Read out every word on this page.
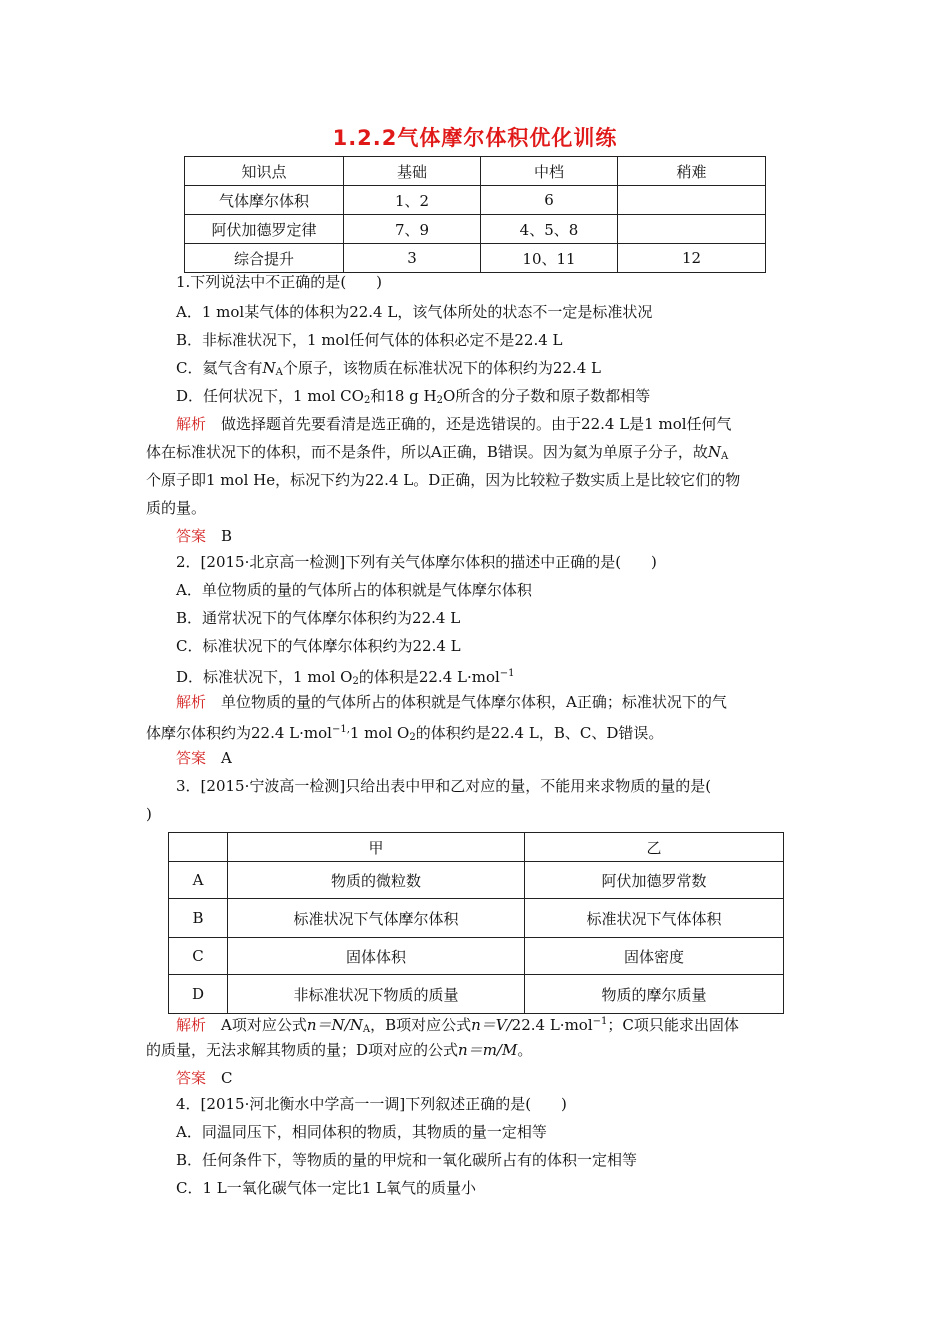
1.2.2气体摩尔体积优化训练
知识点	基础	中档	稍难
气体摩尔体积	1、2	6	
阿伏加德罗定律	7、9	4、5、8	
综合提升	3	10、11	12
1.下列说法中不正确的是(　　)
A．1 mol某气体的体积为22.4 L，该气体所处的状态不一定是标准状况
B．非标准状况下，1 mol任何气体的体积必定不是22.4 L
C．氦气含有$N_A$个原子，该物质在标准状况下的体积约为22.4 L
D．任何状况下，1 mol $CO_2$和18 g $H_2O$所含的分子数和原子数都相等
解析　 做选择题首先要看清是选正确的，还是选错误的。由于22.4 L是1 mol任何气
体在标准状况下的体积，而不是条件，所以A正确，B错误。因为氦为单原子分子，故$N_A$
个原子即1 mol He，标况下约为22.4 L。D正确，因为比较粒子数实质上是比较它们的物
质的量。
答案　 B
2．[2015·北京高一检测]下列有关气体摩尔体积的描述中正确的是(　　)
A．单位物质的量的气体所占的体积就是气体摩尔体积
B．通常状况下的气体摩尔体积约为22.4 L
C．标准状况下的气体摩尔体积约为22.4 L
D．标准状况下，1 mol $O_2$的体积是22.4 L·mol$^{-1}$
解析　 单位物质的量的气体所占的体积就是气体摩尔体积，A正确；标准状况下的气
体摩尔体积约为22.4 L·mol$^{-1,}$1 mol $O_2$的体积约是22.4 L，B、C、D错误。
答案　 A
3．[2015·宁波高一检测]只给出表中甲和乙对应的量，不能用来求物质的量的是(
)
	甲	乙
A	物质的微粒数	阿伏加德罗常数
B	标准状况下气体摩尔体积	标准状况下气体体积
C	固体体积	固体密度
D	非标准状况下物质的质量	物质的摩尔质量
解析　 A项对应公式$n=N/N_A$，B项对应公式n＝V/22.4 L·mol$^{-1}$；C项只能求出固体
的质量，无法求解其物质的量；D项对应的公式n＝m/M。
答案　 C
4．[2015·河北衡水中学高一一调]下列叙述正确的是(　　)
A．同温同压下，相同体积的物质，其物质的量一定相等
B．任何条件下，等物质的量的甲烷和一氧化碳所占有的体积一定相等
C．1 L一氧化碳气体一定比1 L氧气的质量小
